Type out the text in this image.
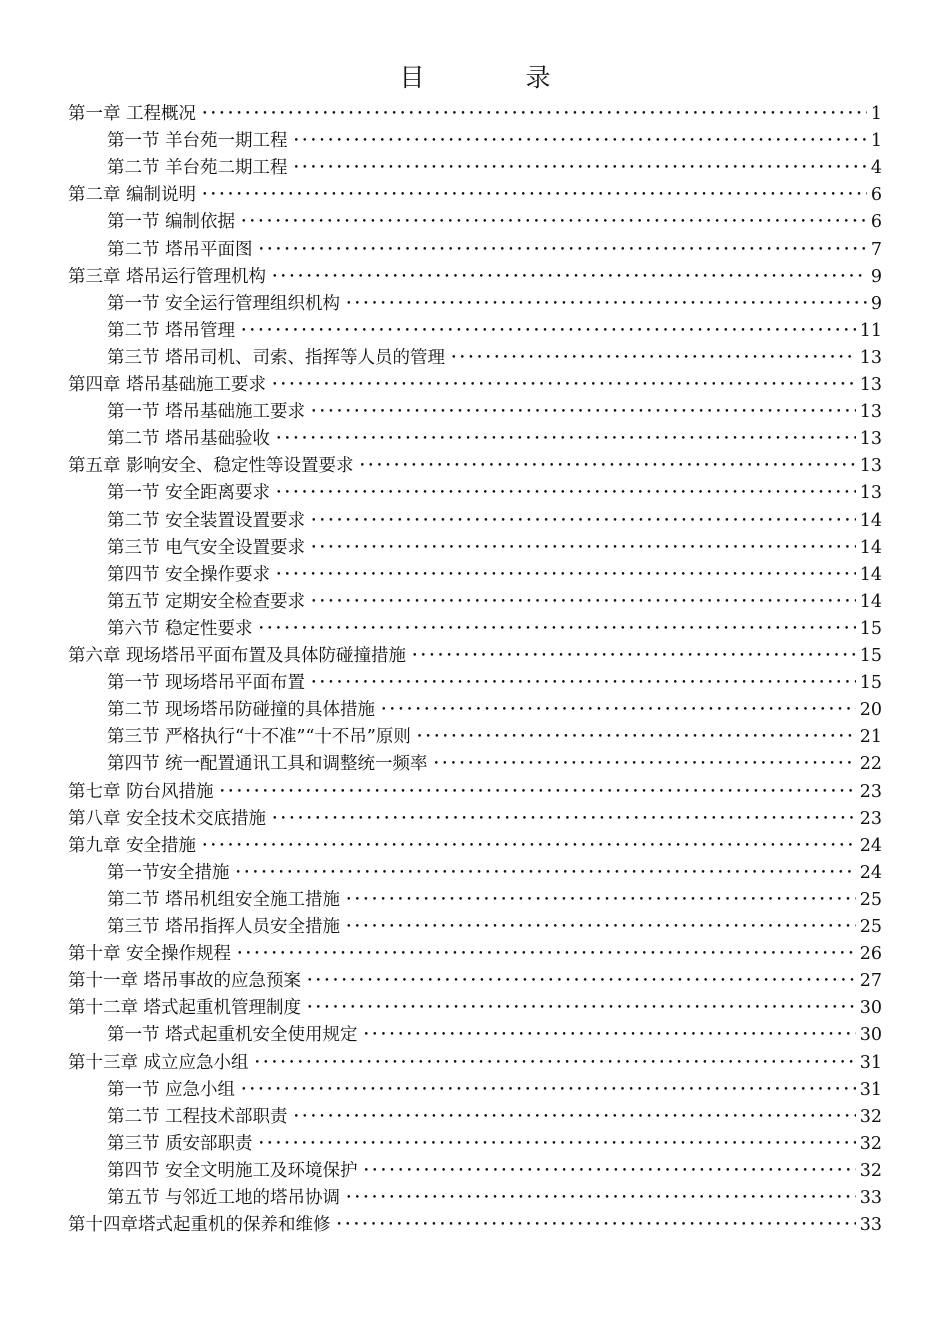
目　录
第一章 工程概况 •••••	1
第一节 羊台苑一期工程 •••••	1
第二节 羊台苑二期工程 •••••	4
第二章 编制说明 •••••	6
第一节 编制依据 •••••	6
第二节 塔吊平面图 •••••	7
第三章 塔吊运行管理机构 •••••	9
第一节 安全运行管理组织机构 •••••	9
第二节 塔吊管理 •••••	11
第三节 塔吊司机、司索、指挥等人员的管理 •••••	13
第四章 塔吊基础施工要求 •••••	13
第一节 塔吊基础施工要求 •••••	13
第二节 塔吊基础验收 •••••	13
第五章 影响安全、稳定性等设置要求 •••••	13
第一节 安全距离要求 •••••	13
第二节 安全装置设置要求 •••••	14
第三节 电气安全设置要求 •••••	14
第四节 安全操作要求 •••••	14
第五节 定期安全检查要求 •••••	14
第六节 稳定性要求 •••••	15
第六章 现场塔吊平面布置及具体防碰撞措施 •••••	15
第一节 现场塔吊平面布置 •••••	15
第二节 现场塔吊防碰撞的具体措施 •••••	20
第三节 严格执行“十不准”“十不吊”原则 •••••	21
第四节 统一配置通讯工具和调整统一频率 •••••	22
第七章 防台风措施 •••••	23
第八章 安全技术交底措施 •••••	23
第九章 安全措施 •••••	24
第一节安全措施 •••••	24
第二节 塔吊机组安全施工措施 •••••	25
第三节 塔吊指挥人员安全措施 •••••	25
第十章 安全操作规程 •••••	26
第十一章 塔吊事故的应急预案 •••••	27
第十二章 塔式起重机管理制度 •••••	30
第一节 塔式起重机安全使用规定 •••••	30
第十三章 成立应急小组 •••••	31
第一节 应急小组 •••••	31
第二节 工程技术部职责 •••••	32
第三节 质安部职责 •••••	32
第四节 安全文明施工及环境保护 •••••	32
第五节 与邻近工地的塔吊协调 •••••	33
第十四章塔式起重机的保养和维修 •••••	33
